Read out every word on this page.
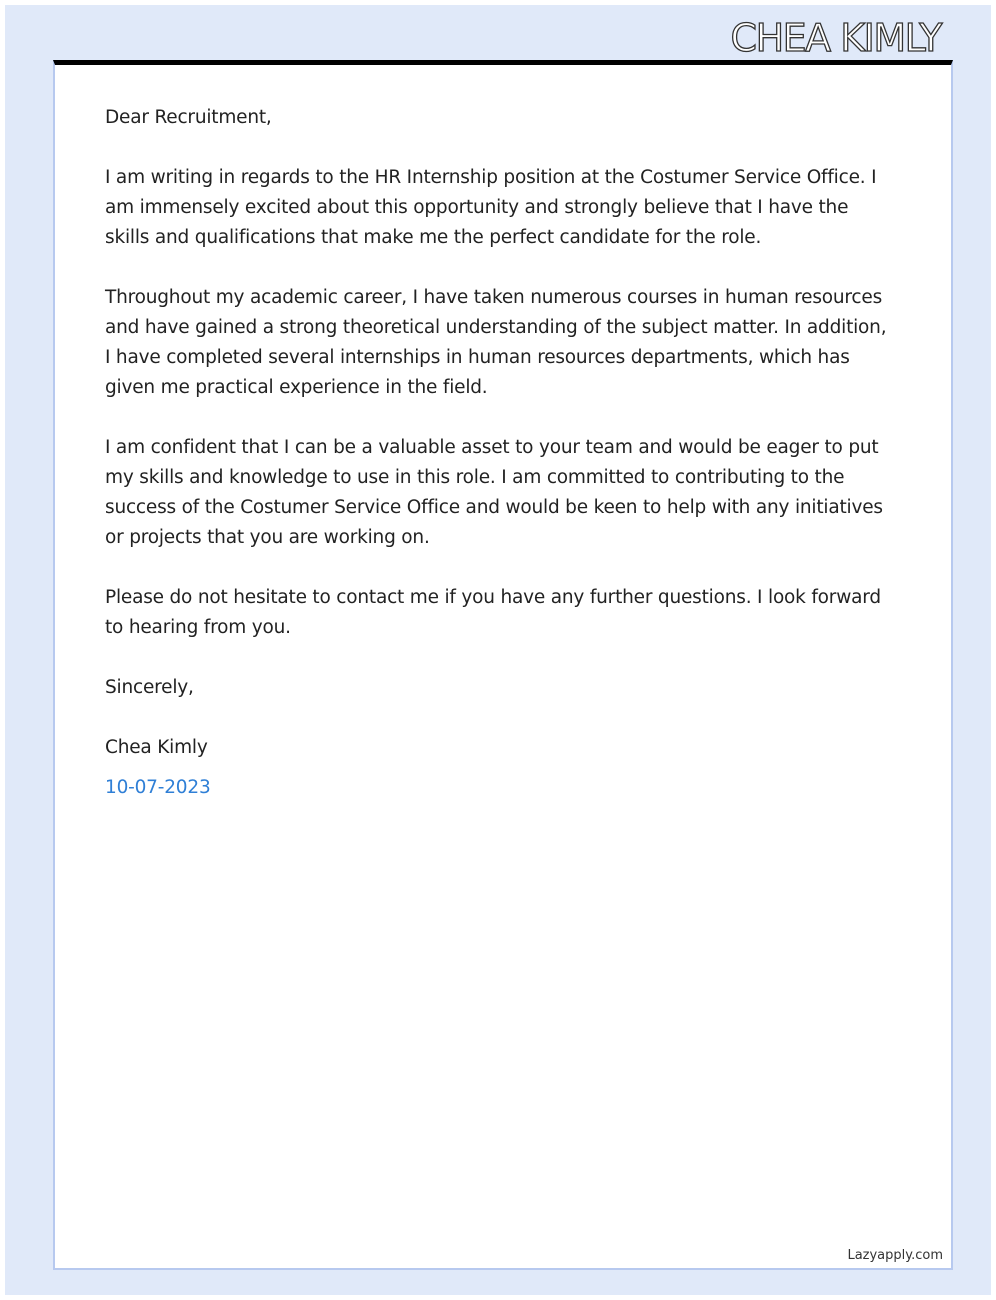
CHEA KIMLY

Dear Recruitment,

I am writing in regards to the HR Internship position at the Costumer Service Office. I am immensely excited about this opportunity and strongly believe that I have the skills and qualifications that make me the perfect candidate for the role.

Throughout my academic career, I have taken numerous courses in human resources and have gained a strong theoretical understanding of the subject matter. In addition, I have completed several internships in human resources departments, which has given me practical experience in the field.

I am confident that I can be a valuable asset to your team and would be eager to put my skills and knowledge to use in this role. I am committed to contributing to the success of the Costumer Service Office and would be keen to help with any initiatives or projects that you are working on.

Please do not hesitate to contact me if you have any further questions. I look forward to hearing from you.

Sincerely,

Chea Kimly

10-07-2023

Lazyapply.com
